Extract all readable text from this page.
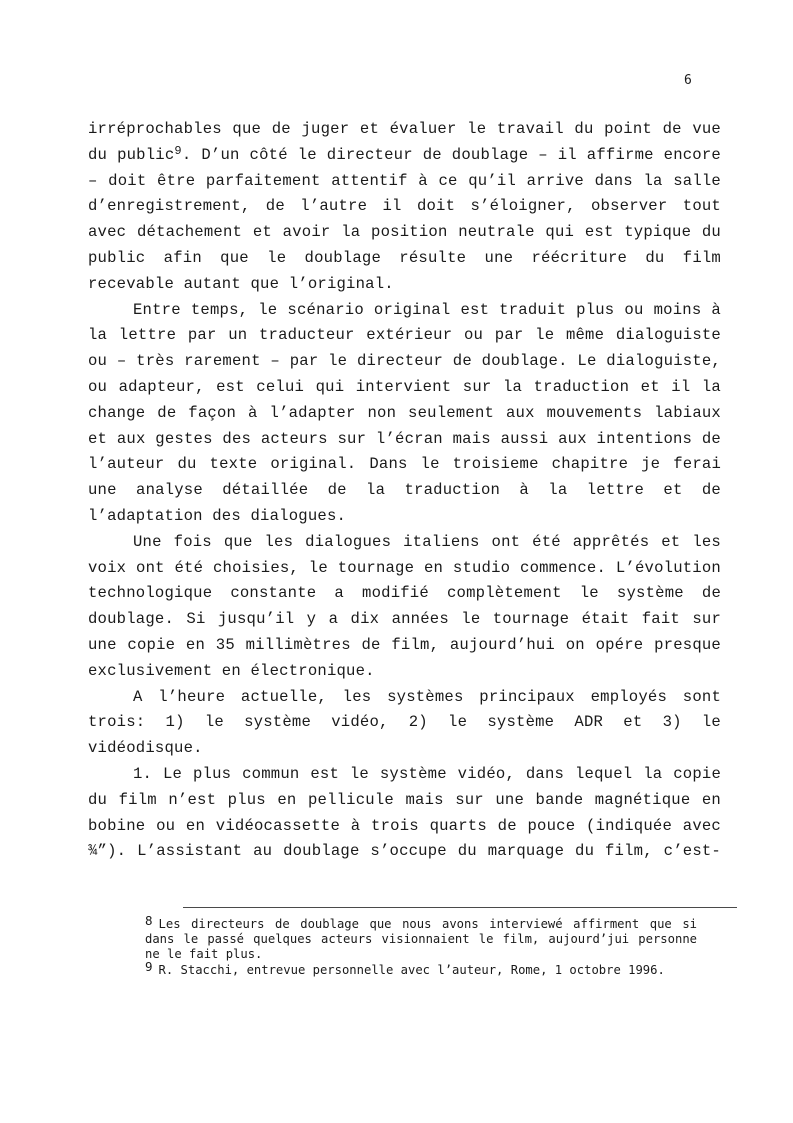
6

irréprochables que de juger et évaluer le travail du point de vue du public$^9$. D’un côté le directeur de doublage – il affirme encore – doit être parfaitement attentif à ce qu’il arrive dans la salle d’enregistrement, de l’autre il doit s’éloigner, observer tout avec détachement et avoir la position neutrale qui est typique du public afin que le doublage résulte une réécriture du film recevable autant que l’original.

Entre temps, le scénario original est traduit plus ou moins à la lettre par un traducteur extérieur ou par le même dialoguiste ou – très rarement – par le directeur de doublage. Le dialoguiste, ou adapteur, est celui qui intervient sur la traduction et il la change de façon à l’adapter non seulement aux mouvements labiaux et aux gestes des acteurs sur l’écran mais aussi aux intentions de l’auteur du texte original. Dans le troisieme chapitre je ferai une analyse détaillée de la traduction à la lettre et de l’adaptation des dialogues.

Une fois que les dialogues italiens ont été apprêtés et les voix ont été choisies, le tournage en studio commence. L’évolution technologique constante a modifié complètement le système de doublage. Si jusqu’il y a dix années le tournage était fait sur une copie en 35 millimètres de film, aujourd’hui on opére presque exclusivement en électronique.

A l’heure actuelle, les systèmes principaux employés sont trois: 1) le système vidéo, 2) le système ADR et 3) le vidéodisque.

1. Le plus commun est le système vidéo, dans lequel la copie du film n’est plus en pellicule mais sur une bande magnétique en bobine ou en vidéocassette à trois quarts de pouce (indiquée avec ¾”). L’assistant au doublage s’occupe du marquage du film, c’est-

$^8$ Les directeurs de doublage que nous avons interviewé affirment que si dans le passé quelques acteurs visionnaient le film, aujourd’jui personne ne le fait plus.

$^9$ R. Stacchi, entrevue personnelle avec l’auteur, Rome, 1 octobre 1996.
